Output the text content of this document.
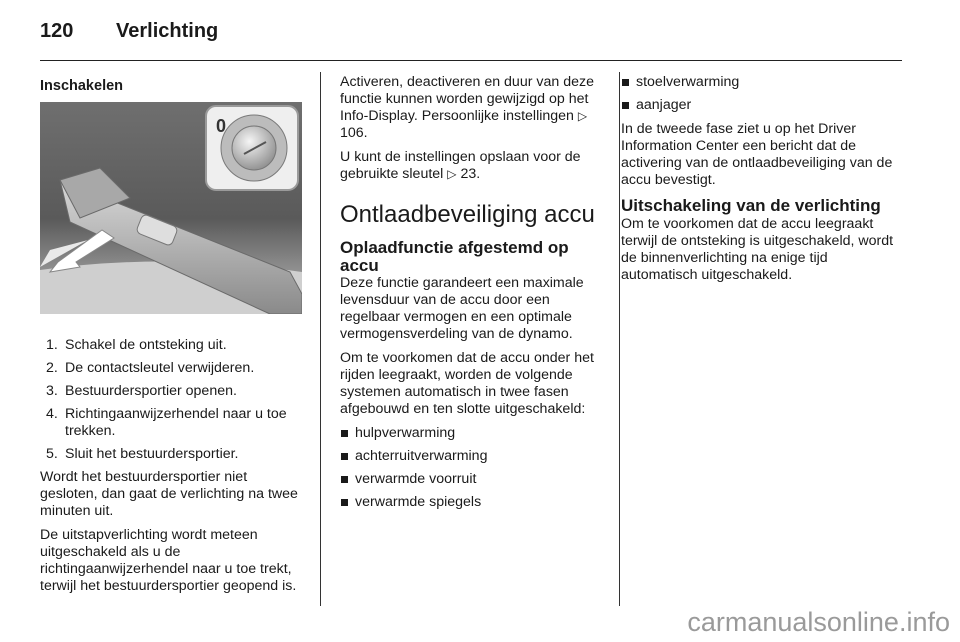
120 Verlichting
Inschakelen
0
1. Schakel de ontsteking uit.
2. De contactsleutel verwijderen.
3. Bestuurdersportier openen.
4. Richtingaanwijzerhendel naar u toe trekken.
5. Sluit het bestuurdersportier.

Wordt het bestuurdersportier niet gesloten, dan gaat de verlichting na twee minuten uit.

De uitstapverlichting wordt meteen uitgeschakeld als u de richtingaanwijzerhendel naar u toe trekt, terwijl het bestuurdersportier geopend is.

Activeren, deactiveren en duur van deze functie kunnen worden gewijzigd op het Info-Display. Persoonlijke instellingen ▷ 106.

U kunt de instellingen opslaan voor de gebruikte sleutel ▷ 23.

Ontlaadbeveiliging accu
Oplaadfunctie afgestemd op accu

Deze functie garandeert een maximale levensduur van de accu door een regelbaar vermogen en een optimale vermogensverdeling van de dynamo.

Om te voorkomen dat de accu onder het rijden leegraakt, worden de volgende systemen automatisch in twee fasen afgebouwd en ten slotte uitgeschakeld:

hulpverwarming
achterruitverwarming
verwarmde voorruit
verwarmde spiegels
stoelverwarming
aanjager

In de tweede fase ziet u op het Driver Information Center een bericht dat de activering van de ontlaadbeveiliging van de accu bevestigt.

Uitschakeling van de verlichting

Om te voorkomen dat de accu leegraakt terwijl de ontsteking is uitgeschakeld, wordt de binnenverlichting na enige tijd automatisch uitgeschakeld.

carmanualsonline.info
